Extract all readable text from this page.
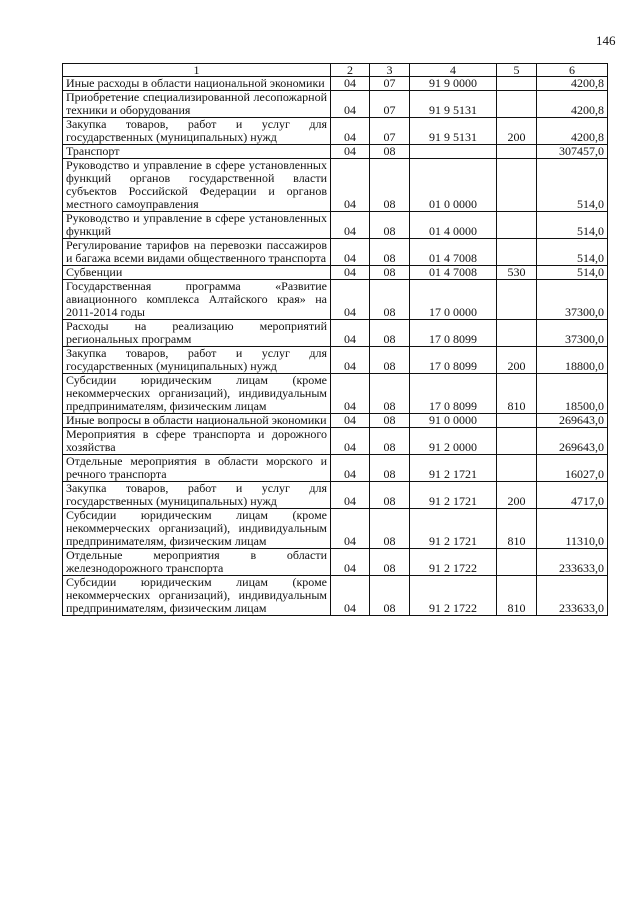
146
1	2	3	4	5	6
Иные расходы в области национальной экономики	04	07	91 9 0000		4200,8
Приобретение специализированной лесопожарной техники и оборудования	04	07	91 9 5131		4200,8
Закупка товаров, работ и услуг для государственных (муниципальных) нужд	04	07	91 9 5131	200	4200,8
Транспорт	04	08			307457,0
Руководство и управление в сфере установленных функций органов государственной власти субъектов Российской Федерации и органов местного самоуправления	04	08	01 0 0000		514,0
Руководство и управление в сфере установленных функций	04	08	01 4 0000		514,0
Регулирование тарифов на перевозки пассажиров и багажа всеми видами общественного транспорта	04	08	01 4 7008		514,0
Субвенции	04	08	01 4 7008	530	514,0
Государственная программа «Развитие авиационного комплекса Алтайского края» на 2011-2014 годы	04	08	17 0 0000		37300,0
Расходы на реализацию мероприятий региональных программ	04	08	17 0 8099		37300,0
Закупка товаров, работ и услуг для государственных (муниципальных) нужд	04	08	17 0 8099	200	18800,0
Субсидии юридическим лицам (кроме некоммерческих организаций), индивидуальным предпринимателям, физическим лицам	04	08	17 0 8099	810	18500,0
Иные вопросы в области национальной экономики	04	08	91 0 0000		269643,0
Мероприятия в сфере транспорта и дорожного хозяйства	04	08	91 2 0000		269643,0
Отдельные мероприятия в области морского и речного транспорта	04	08	91 2 1721		16027,0
Закупка товаров, работ и услуг для государственных (муниципальных) нужд	04	08	91 2 1721	200	4717,0
Субсидии юридическим лицам (кроме некоммерческих организаций), индивидуальным предпринимателям, физическим лицам	04	08	91 2 1721	810	11310,0
Отдельные мероприятия в области железнодорожного транспорта	04	08	91 2 1722		233633,0
Субсидии юридическим лицам (кроме некоммерческих организаций), индивидуальным предпринимателям, физическим лицам	04	08	91 2 1722	810	233633,0
